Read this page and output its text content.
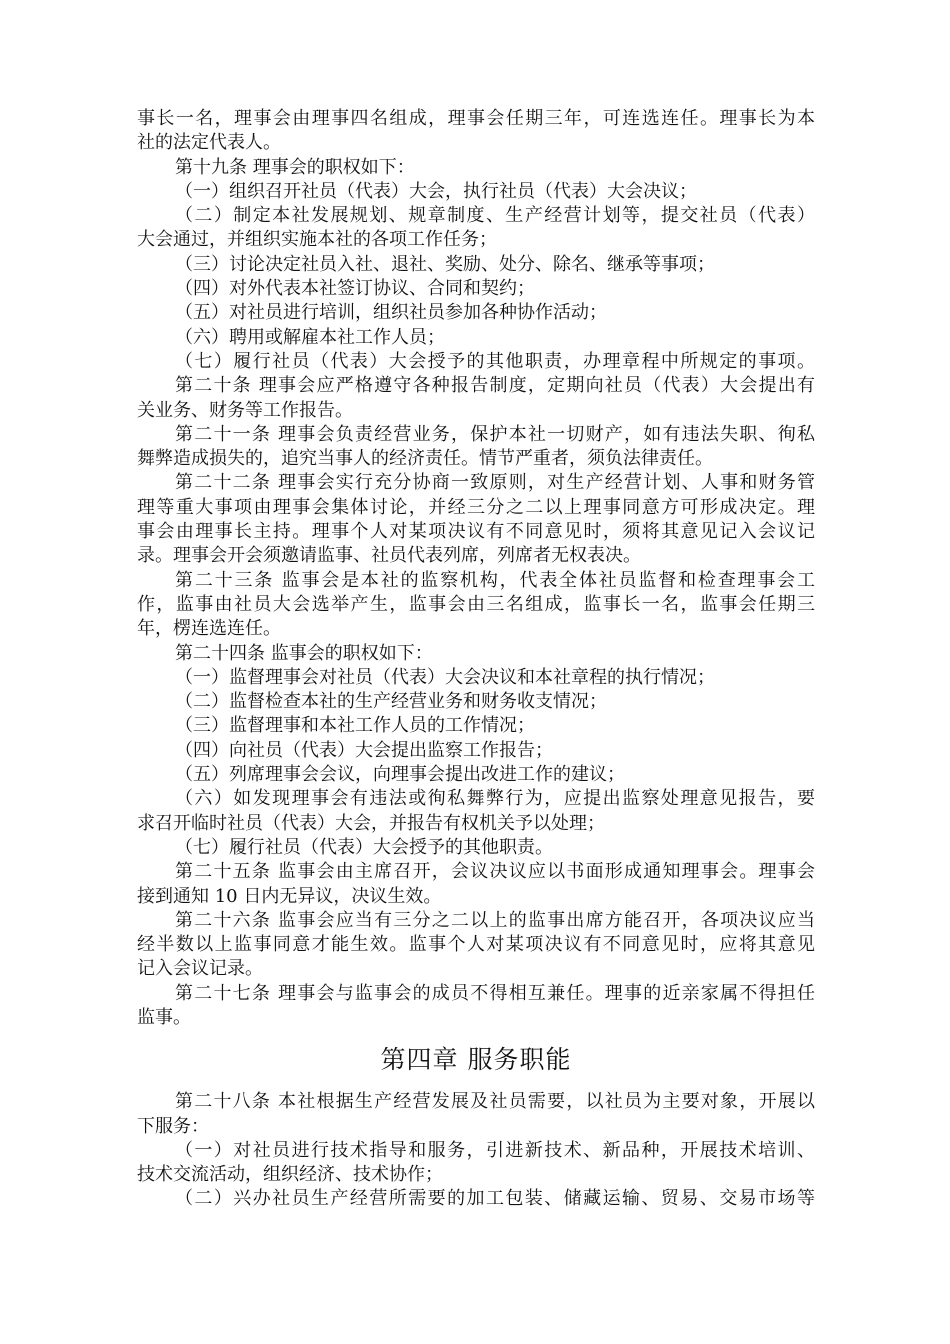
事长一名，理事会由理事四名组成，理事会任期三年，可连选连任。理事长为本
社的法定代表人。
第十九条 理事会的职权如下：
（一）组织召开社员（代表）大会，执行社员（代表）大会决议；
（二）制定本社发展规划、规章制度、生产经营计划等，提交社员（代表）
大会通过，并组织实施本社的各项工作任务；
（三）讨论决定社员入社、退社、奖励、处分、除名、继承等事项；
（四）对外代表本社签订协议、合同和契约；
（五）对社员进行培训，组织社员参加各种协作活动；
（六）聘用或解雇本社工作人员；
（七）履行社员（代表）大会授予的其他职责，办理章程中所规定的事项。
第二十条 理事会应严格遵守各种报告制度，定期向社员（代表）大会提出有
关业务、财务等工作报告。
第二十一条 理事会负责经营业务，保护本社一切财产，如有违法失职、徇私
舞弊造成损失的，追究当事人的经济责任。情节严重者，须负法律责任。
第二十二条 理事会实行充分协商一致原则，对生产经营计划、人事和财务管
理等重大事项由理事会集体讨论，并经三分之二以上理事同意方可形成决定。理
事会由理事长主持。理事个人对某项决议有不同意见时，须将其意见记入会议记
录。理事会开会须邀请监事、社员代表列席，列席者无权表决。
第二十三条 监事会是本社的监察机构，代表全体社员监督和检查理事会工
作，监事由社员大会选举产生，监事会由三名组成，监事长一名，监事会任期三
年，楞连选连任。
第二十四条 监事会的职权如下：
（一）监督理事会对社员（代表）大会决议和本社章程的执行情况；
（二）监督检查本社的生产经营业务和财务收支情况；
（三）监督理事和本社工作人员的工作情况；
（四）向社员（代表）大会提出监察工作报告；
（五）列席理事会会议，向理事会提出改进工作的建议；
（六）如发现理事会有违法或徇私舞弊行为，应提出监察处理意见报告，要
求召开临时社员（代表）大会，并报告有权机关予以处理；
（七）履行社员（代表）大会授予的其他职责。
第二十五条 监事会由主席召开，会议决议应以书面形成通知理事会。理事会
接到通知 10 日内无异议，决议生效。
第二十六条 监事会应当有三分之二以上的监事出席方能召开，各项决议应当
经半数以上监事同意才能生效。监事个人对某项决议有不同意见时，应将其意见
记入会议记录。
第二十七条 理事会与监事会的成员不得相互兼任。理事的近亲家属不得担任
监事。
第四章 服务职能
第二十八条 本社根据生产经营发展及社员需要，以社员为主要对象，开展以
下服务：
（一）对社员进行技术指导和服务，引进新技术、新品种，开展技术培训、
技术交流活动，组织经济、技术协作；
（二）兴办社员生产经营所需要的加工包装、储藏运输、贸易、交易市场等
